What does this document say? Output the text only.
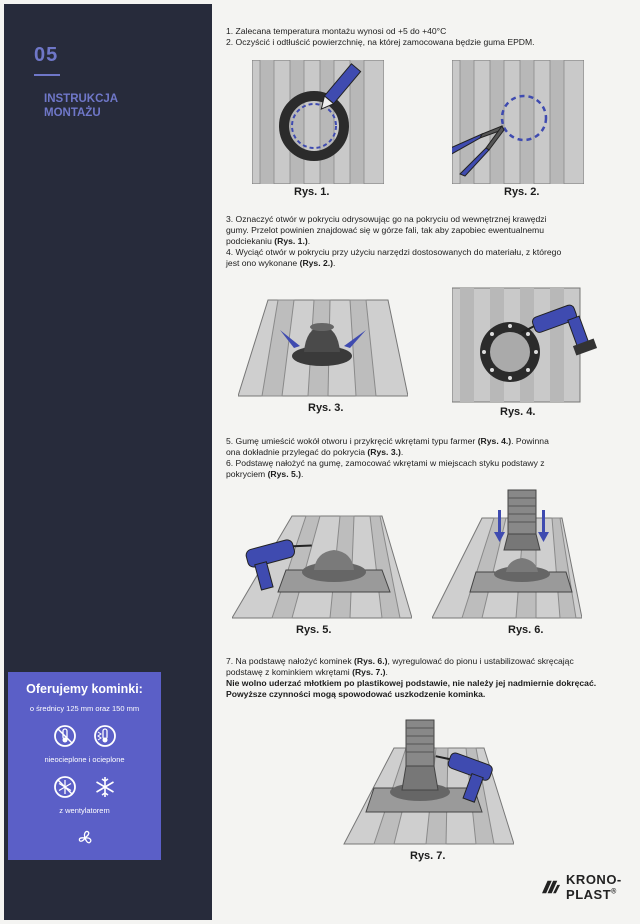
05
INSTRUKCJA
MONTAŻU
Oferujemy kominki:
o średnicy 125 mm oraz 150 mm
nieocieplone i ocieplone
z wentylatorem
1. Zalecana temperatura montażu wynosi od +5 do +40°C
2. Oczyścić i odtłuścić powierzchnię, na której zamocowana będzie guma EPDM.
Rys. 1.	Rys. 2.
3. Oznaczyć otwór w pokryciu odrysowując go na pokryciu od wewnętrznej krawędzi
gumy. Przelot powinien znajdować się w górze fali, tak aby zapobiec ewentualnemu
podciekaniu (Rys. 1.).
4. Wyciąć otwór w pokryciu przy użyciu narzędzi dostosowanych do materiału, z którego
jest ono wykonane (Rys. 2.).
Rys. 3.	Rys. 4.
5. Gumę umieścić wokół otworu i przykręcić wkrętami typu farmer (Rys. 4.). Powinna
ona dokładnie przylegać do pokrycia (Rys. 3.).
6. Podstawę nałożyć na gumę, zamocować wkrętami w miejscach styku podstawy z
pokryciem (Rys. 5.).
Rys. 5.	Rys. 6.
7. Na podstawę nałożyć kominek (Rys. 6.), wyregulować do pionu i ustabilizować skręcając
podstawę z kominkiem wkrętami (Rys. 7.).
Nie wolno uderzać młotkiem po plastikowej podstawie, nie należy jej nadmiernie dokręcać.
Powyższe czynności mogą spowodować uszkodzenie kominka.
Rys. 7.
KRONO-PLAST®
